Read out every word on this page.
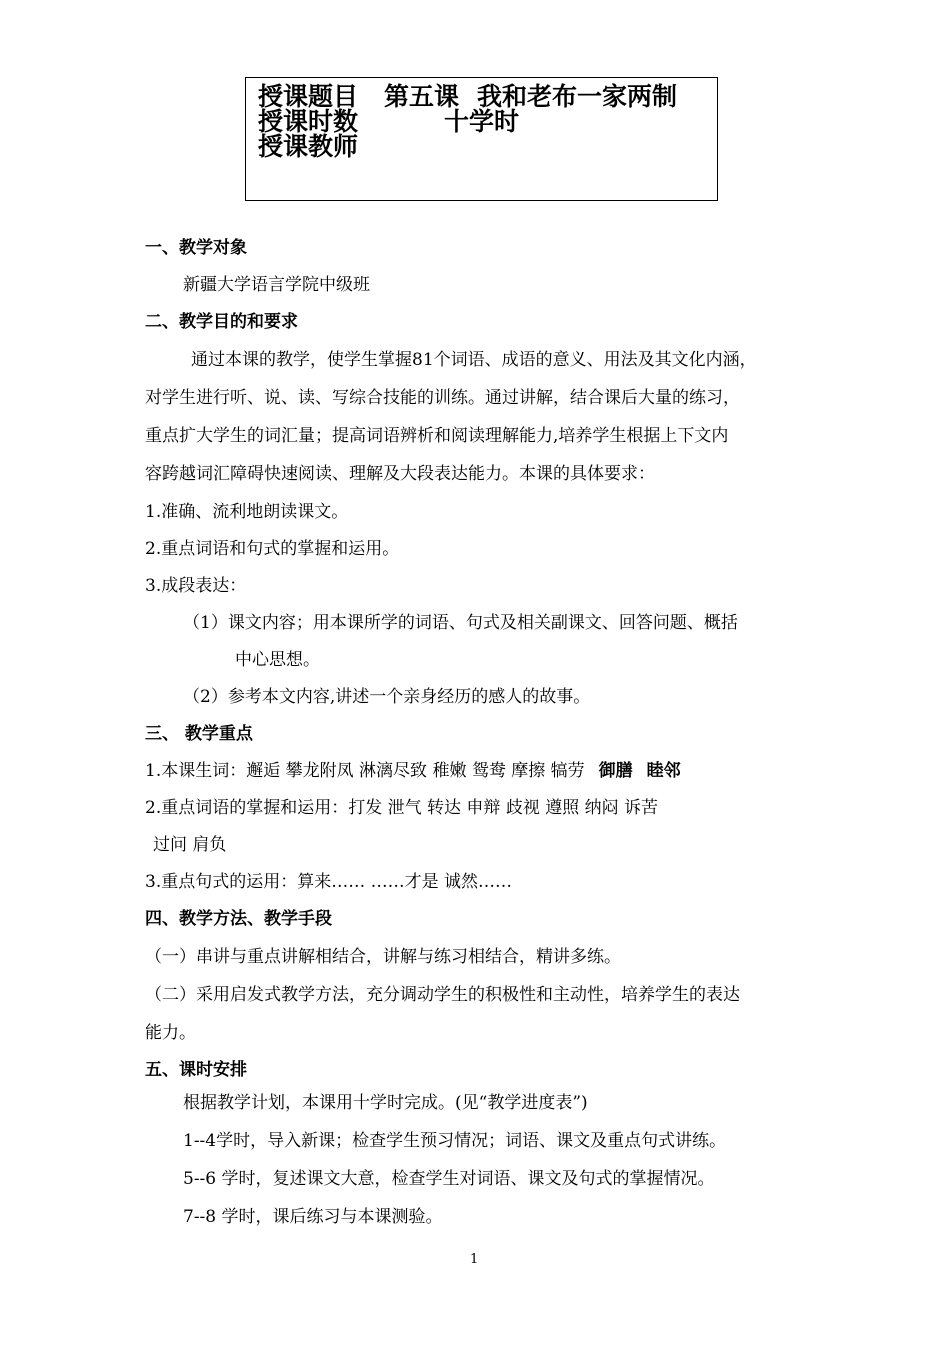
授课题目 第五课 我和老布一家两制
授课时数	十学时
授课教师
一、教学对象
新疆大学语言学院中级班
二、教学目的和要求
通过本课的教学，使学生掌握81个词语、成语的意义、用法及其文化内涵，
对学生进行听、说、读、写综合技能的训练。通过讲解，结合课后大量的练习，
重点扩大学生的词汇量；提高词语辨析和阅读理解能力,培养学生根据上下文内
容跨越词汇障碍快速阅读、理解及大段表达能力。本课的具体要求：
1.准确、流利地朗读课文。
2.重点词语和句式的掌握和运用。
3.成段表达：
（1）课文内容；用本课所学的词语、句式及相关副课文、回答问题、概括
中心思想。
（2）参考本文内容,讲述一个亲身经历的感人的故事。
三、 教学重点
1.本课生词：邂逅 攀龙附凤 淋漓尽致 稚嫩 鸳鸯 摩擦 犒劳 御膳 睦邻
2.重点词语的掌握和运用：打发 泄气 转达 申辩 歧视 遵照 纳闷 诉苦
过问 肩负
3.重点句式的运用：算来…… ……才是 诚然……
四、教学方法、教学手段
（一）串讲与重点讲解相结合，讲解与练习相结合，精讲多练。
（二）采用启发式教学方法，充分调动学生的积极性和主动性，培养学生的表达
能力。
五、课时安排
根据教学计划，本课用十学时完成。(见“教学进度表”)
1--4学时，导入新课；检查学生预习情况；词语、课文及重点句式讲练。
5--6 学时，复述课文大意，检查学生对词语、课文及句式的掌握情况。
7--8 学时，课后练习与本课测验。
1
